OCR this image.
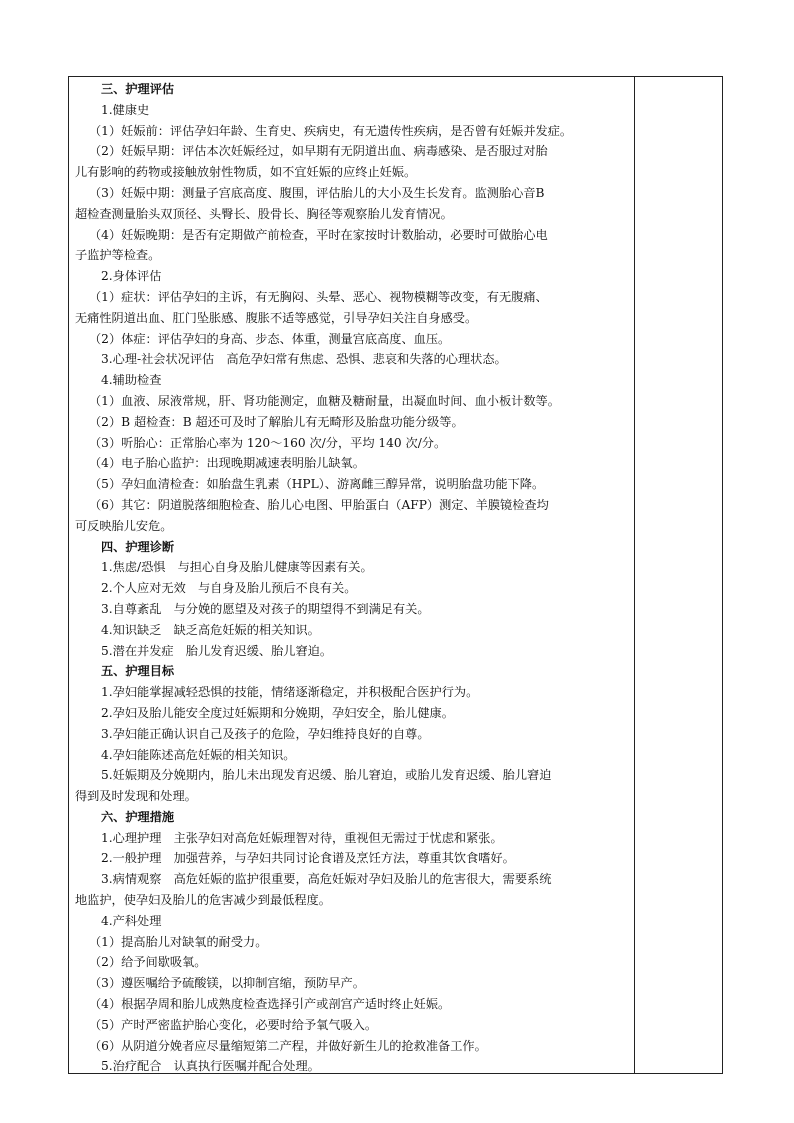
三、护理评估
1.健康史
（1）妊娠前：评估孕妇年龄、生育史、疾病史，有无遗传性疾病，是否曾有妊娠并发症。
（2）妊娠早期：评估本次妊娠经过，如早期有无阴道出血、病毒感染、是否服过对胎
儿有影响的药物或接触放射性物质，如不宜妊娠的应终止妊娠。
（3）妊娠中期：测量子宫底高度、腹围，评估胎儿的大小及生长发育。监测胎心音B
超检查测量胎头双顶径、头臀长、股骨长、胸径等观察胎儿发育情况。
（4）妊娠晚期：是否有定期做产前检查，平时在家按时计数胎动，必要时可做胎心电
子监护等检查。
2.身体评估
（1）症状：评估孕妇的主诉，有无胸闷、头晕、恶心、视物模糊等改变，有无腹痛、
无痛性阴道出血、肛门坠胀感、腹胀不适等感觉，引导孕妇关注自身感受。
（2）体症：评估孕妇的身高、步态、体重，测量宫底高度、血压。
3.心理-社会状况评估　高危孕妇常有焦虑、恐惧、悲哀和失落的心理状态。
4.辅助检查
（1）血液、尿液常规，肝、肾功能测定，血糖及糖耐量，出凝血时间、血小板计数等。
（2）B 超检查：B 超还可及时了解胎儿有无畸形及胎盘功能分级等。
（3）听胎心：正常胎心率为 120～160 次/分，平均 140 次/分。
（4）电子胎心监护：出现晚期减速表明胎儿缺氧。
（5）孕妇血清检查：如胎盘生乳素（HPL）、游离雌三醇异常，说明胎盘功能下降。
（6）其它：阴道脱落细胞检查、胎儿心电图、甲胎蛋白（AFP）测定、羊膜镜检查均
可反映胎儿安危。
四、护理诊断
1.焦虑/恐惧　与担心自身及胎儿健康等因素有关。
2.个人应对无效　与自身及胎儿预后不良有关。
3.自尊紊乱　与分娩的愿望及对孩子的期望得不到满足有关。
4.知识缺乏　缺乏高危妊娠的相关知识。
5.潜在并发症　胎儿发育迟缓、胎儿窘迫。
五、护理目标
1.孕妇能掌握减轻恐惧的技能，情绪逐渐稳定，并积极配合医护行为。
2.孕妇及胎儿能安全度过妊娠期和分娩期，孕妇安全，胎儿健康。
3.孕妇能正确认识自己及孩子的危险，孕妇维持良好的自尊。
4.孕妇能陈述高危妊娠的相关知识。
5.妊娠期及分娩期内，胎儿未出现发育迟缓、胎儿窘迫，或胎儿发育迟缓、胎儿窘迫
得到及时发现和处理。
六、护理措施
1.心理护理　主张孕妇对高危妊娠理智对待，重视但无需过于忧虑和紧张。
2.一般护理　加强营养，与孕妇共同讨论食谱及烹饪方法，尊重其饮食嗜好。
3.病情观察　高危妊娠的监护很重要，高危妊娠对孕妇及胎儿的危害很大，需要系统
地监护，使孕妇及胎儿的危害减少到最低程度。
4.产科处理
（1）提高胎儿对缺氧的耐受力。
（2）给予间歇吸氧。
（3）遵医嘱给予硫酸镁，以抑制宫缩，预防早产。
（4）根据孕周和胎儿成熟度检查选择引产或剖宫产适时终止妊娠。
（5）产时严密监护胎心变化，必要时给予氧气吸入。
（6）从阴道分娩者应尽量缩短第二产程，并做好新生儿的抢救准备工作。
5.治疗配合　认真执行医嘱并配合处理。
